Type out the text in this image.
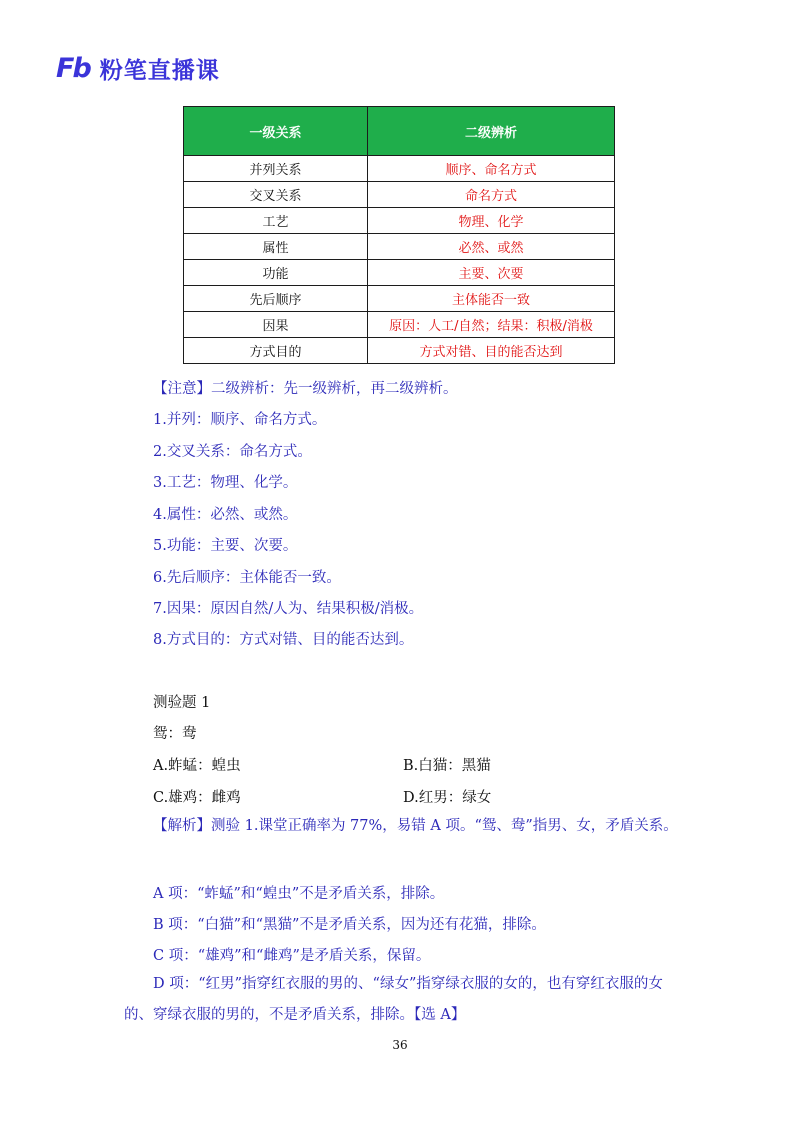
Fb 粉笔直播课
一级关系	二级辨析
并列关系	顺序、命名方式
交叉关系	命名方式
工艺	物理、化学
属性	必然、或然
功能	主要、次要
先后顺序	主体能否一致
因果	原因：人工/自然；结果：积极/消极
方式目的	方式对错、目的能否达到
【注意】二级辨析：先一级辨析，再二级辨析。
1.并列：顺序、命名方式。
2.交叉关系：命名方式。
3.工艺：物理、化学。
4.属性：必然、或然。
5.功能：主要、次要。
6.先后顺序：主体能否一致。
7.因果：原因自然/人为、结果积极/消极。
8.方式目的：方式对错、目的能否达到。
测验题 1
鸳：鸯
A.蚱蜢：蝗虫	B.白猫：黑猫
C.雄鸡：雌鸡	D.红男：绿女
【解析】测验 1.课堂正确率为 77%，易错 A 项。“鸳、鸯”指男、女，矛盾关系。
A 项：“蚱蜢”和“蝗虫”不是矛盾关系，排除。
B 项：“白猫”和“黑猫”不是矛盾关系，因为还有花猫，排除。
C 项：“雄鸡”和“雌鸡”是矛盾关系，保留。
D 项：“红男”指穿红衣服的男的、“绿女”指穿绿衣服的女的，也有穿红衣服的女的、穿绿衣服的男的，不是矛盾关系，排除。【选 A】
36
